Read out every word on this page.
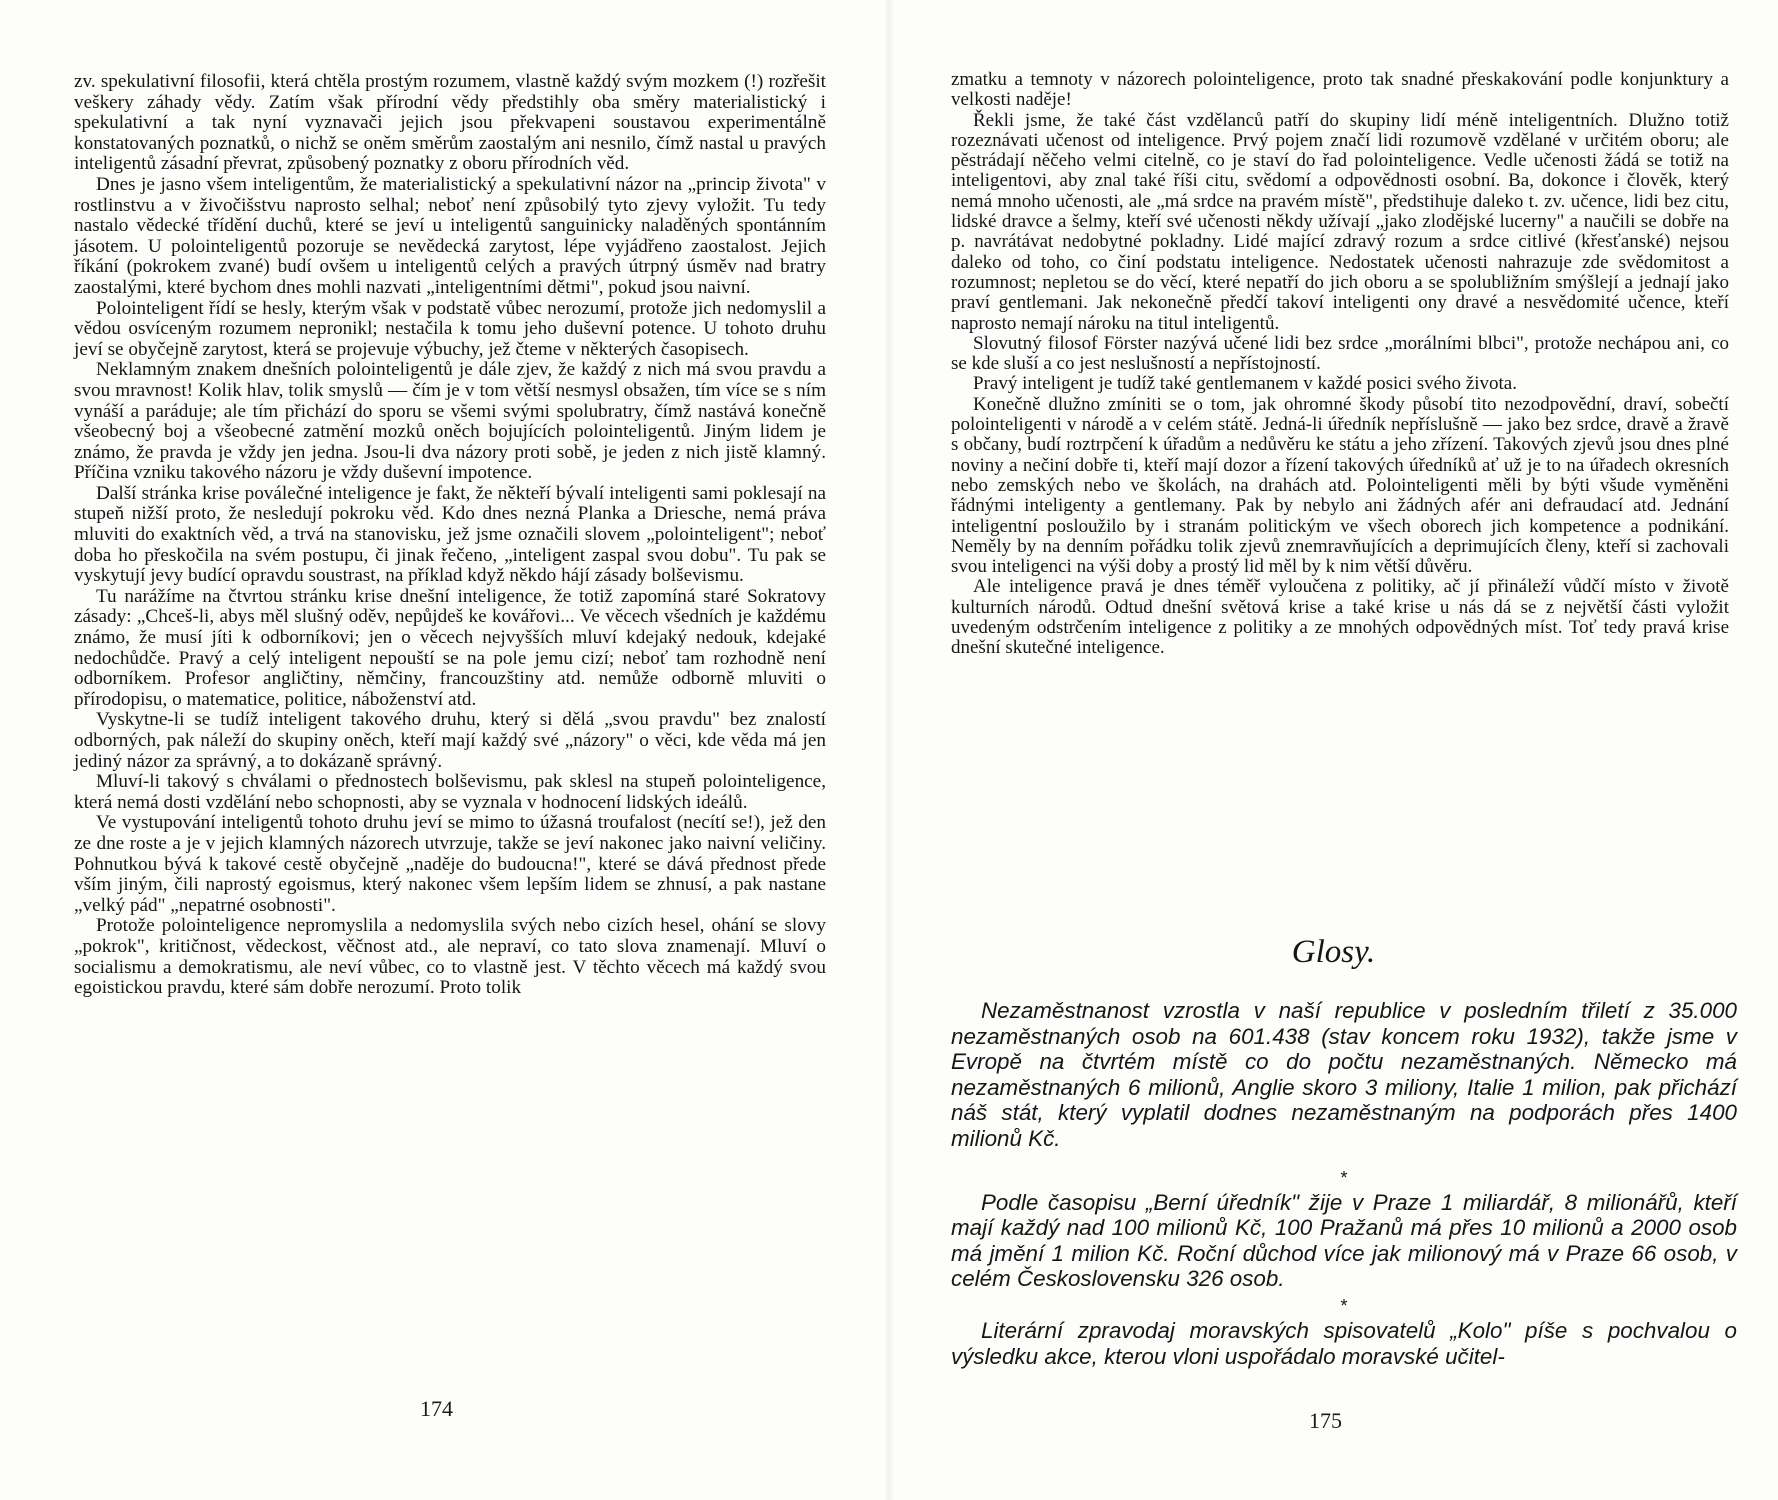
zv. spekulativní filosofii, která chtěla prostým rozumem, vlastně každý svým mozkem (!) rozřešit veškery záhady vědy. Zatím však přírodní vědy předstihly oba směry materialistický i spekulativní a tak nyní vyznavači jejich jsou překvapeni soustavou experimentálně konstatovaných poznatků, o nichž se oněm směrům zaostalým ani nesnilo, čímž nastal u pravých inteligentů zásadní převrat, způsobený poznatky z oboru přírodních věd.

Dnes je jasno všem inteligentům, že materialistický a spekulativní názor na „princip života" v rostlinstvu a v živočišstvu naprosto selhal; neboť není způsobilý tyto zjevy vyložit. Tu tedy nastalo vědecké třídění duchů, které se jeví u inteligentů sanguinicky naladěných spontánním jásotem. U polointeligentů pozoruje se nevědecká zarytost, lépe vyjádřeno zaostalost. Jejich říkání (pokrokem zvané) budí ovšem u inteligentů celých a pravých útrpný úsměv nad bratry zaostalými, které bychom dnes mohli nazvati „inteligentními dětmi", pokud jsou naivní.

Polointeligent řídí se hesly, kterým však v podstatě vůbec nerozumí, protože jich nedomyslil a vědou osvíceným rozumem nepronikl; nestačila k tomu jeho duševní potence. U tohoto druhu jeví se obyčejně zarytost, která se projevuje výbuchy, jež čteme v některých časopisech.

Neklamným znakem dnešních polointeligentů je dále zjev, že každý z nich má svou pravdu a svou mravnost! Kolik hlav, tolik smyslů — čím je v tom větší nesmysl obsažen, tím více se s ním vynáší a paráduje; ale tím přichází do sporu se všemi svými spolubratry, čímž nastává konečně všeobecný boj a všeobecné zatmění mozků oněch bojujících polointeligentů. Jiným lidem je známo, že pravda je vždy jen jedna. Jsou-li dva názory proti sobě, je jeden z nich jistě klamný. Příčina vzniku takového názoru je vždy duševní impotence.

Další stránka krise poválečné inteligence je fakt, že někteří bývalí inteligenti sami poklesají na stupeň nižší proto, že nesledují pokroku věd. Kdo dnes nezná Planka a Driesche, nemá práva mluviti do exaktních věd, a trvá na stanovisku, jež jsme označili slovem „polointeligent"; neboť doba ho přeskočila na svém postupu, či jinak řečeno, „inteligent zaspal svou dobu". Tu pak se vyskytují jevy budící opravdu soustrast, na příklad když někdo hájí zásady bolševismu.

Tu narážíme na čtvrtou stránku krise dnešní inteligence, že totiž zapomíná staré Sokratovy zásady: „Chceš-li, abys měl slušný oděv, nepůjdeš ke kovářovi... Ve věcech všedních je každému známo, že musí jíti k odborníkovi; jen o věcech nejvyšších mluví kdejaký nedouk, kdejaké nedochůdče. Pravý a celý inteligent nepouští se na pole jemu cizí; neboť tam rozhodně není odborníkem. Profesor angličtiny, němčiny, francouzštiny atd. nemůže odborně mluviti o přírodopisu, o matematice, politice, náboženství atd.

Vyskytne-li se tudíž inteligent takového druhu, který si dělá „svou pravdu" bez znalostí odborných, pak náleží do skupiny oněch, kteří mají každý své „názory" o věci, kde věda má jen jediný názor za správný, a to dokázaně správný.

Mluví-li takový s chválami o přednostech bolševismu, pak sklesl na stupeň polointeligence, která nemá dosti vzdělání nebo schopnosti, aby se vyznala v hodnocení lidských ideálů.

Ve vystupování inteligentů tohoto druhu jeví se mimo to úžasná troufalost (necítí se!), jež den ze dne roste a je v jejich klamných názorech utvrzuje, takže se jeví nakonec jako naivní veličiny. Pohnutkou bývá k takové cestě obyčejně „naděje do budoucna!", které se dává přednost přede vším jiným, čili naprostý egoismus, který nakonec všem lepším lidem se zhnusí, a pak nastane „velký pád" „nepatrné osobnosti".

Protože polointeligence nepromyslila a nedomyslila svých nebo cizích hesel, ohání se slovy „pokrok", kritičnost, vědeckost, věčnost atd., ale nepraví, co tato slova znamenají. Mluví o socialismu a demokratismu, ale neví vůbec, co to vlastně jest. V těchto věcech má každý svou egoistickou pravdu, které sám dobře nerozumí. Proto tolik

174

zmatku a temnoty v názorech polointeligence, proto tak snadné přeskakování podle konjunktury a velkosti naděje!

Řekli jsme, že také část vzdělanců patří do skupiny lidí méně inteligentních. Dlužno totiž rozeznávati učenost od inteligence. Prvý pojem značí lidi rozumově vzdělané v určitém oboru; ale pěstrádají něčeho velmi citelně, co je staví do řad polointeligence. Vedle učenosti žádá se totiž na inteligentovi, aby znal také říši citu, svědomí a odpovědnosti osobní. Ba, dokonce i člověk, který nemá mnoho učenosti, ale „má srdce na pravém místě", předstihuje daleko t. zv. učence, lidi bez citu, lidské dravce a šelmy, kteří své učenosti někdy užívají „jako zlodějské lucerny" a naučili se dobře na p. navrátávat nedobytné pokladny. Lidé mající zdravý rozum a srdce citlivé (křesťanské) nejsou daleko od toho, co činí podstatu inteligence. Nedostatek učenosti nahrazuje zde svědomitost a rozumnost; nepletou se do věcí, které nepatří do jich oboru a se spolubližním smýšlejí a jednají jako praví gentlemani. Jak nekonečně předčí takoví inteligenti ony dravé a nesvědomité učence, kteří naprosto nemají nároku na titul inteligentů.

Slovutný filosof Förster nazývá učené lidi bez srdce „morálními blbci", protože nechápou ani, co se kde sluší a co jest neslušností a nepřístojností.

Pravý inteligent je tudíž také gentlemanem v každé posici svého života.

Konečně dlužno zmíniti se o tom, jak ohromné škody působí tito nezodpovědní, draví, sobečtí polointeligenti v národě a v celém státě. Jedná-li úředník nepříslušně — jako bez srdce, dravě a žravě s občany, budí roztrpčení k úřadům a nedůvěru ke státu a jeho zřízení. Takových zjevů jsou dnes plné noviny a nečiní dobře ti, kteří mají dozor a řízení takových úředníků ať už je to na úřadech okresních nebo zemských nebo ve školách, na drahách atd. Polointeligenti měli by býti všude vyměněni řádnými inteligenty a gentlemany. Pak by nebylo ani žádných afér ani defraudací atd. Jednání inteligentní posloužilo by i stranám politickým ve všech oborech jich kompetence a podnikání. Neměly by na denním pořádku tolik zjevů znemravňujících a deprimujících členy, kteří si zachovali svou inteligenci na výši doby a prostý lid měl by k nim větší důvěru.

Ale inteligence pravá je dnes téměř vyloučena z politiky, ač jí přináleží vůdčí místo v životě kulturních národů. Odtud dnešní světová krise a také krise u nás dá se z největší části vyložit uvedeným odstrčením inteligence z politiky a ze mnohých odpovědných míst. Toť tedy pravá krise dnešní skutečné inteligence.

Glosy.

Nezaměstnanost vzrostla v naší republice v posledním třiletí z 35.000 nezaměstnaných osob na 601.438 (stav koncem roku 1932), takže jsme v Evropě na čtvrtém místě co do počtu nezaměstnaných. Německo má nezaměstnaných 6 milionů, Anglie skoro 3 miliony, Italie 1 milion, pak přichází náš stát, který vyplatil dodnes nezaměstnaným na podporách přes 1400 milionů Kč.

*

Podle časopisu „Berní úředník" žije v Praze 1 miliardář, 8 milionářů, kteří mají každý nad 100 milionů Kč, 100 Pražanů má přes 10 milionů a 2000 osob má jmění 1 milion Kč. Roční důchod více jak milionový má v Praze 66 osob, v celém Československu 326 osob.

*

Literární zpravodaj moravských spisovatelů „Kolo" píše s pochvalou o výsledku akce, kterou vloni uspořádalo moravské učitel-

175
